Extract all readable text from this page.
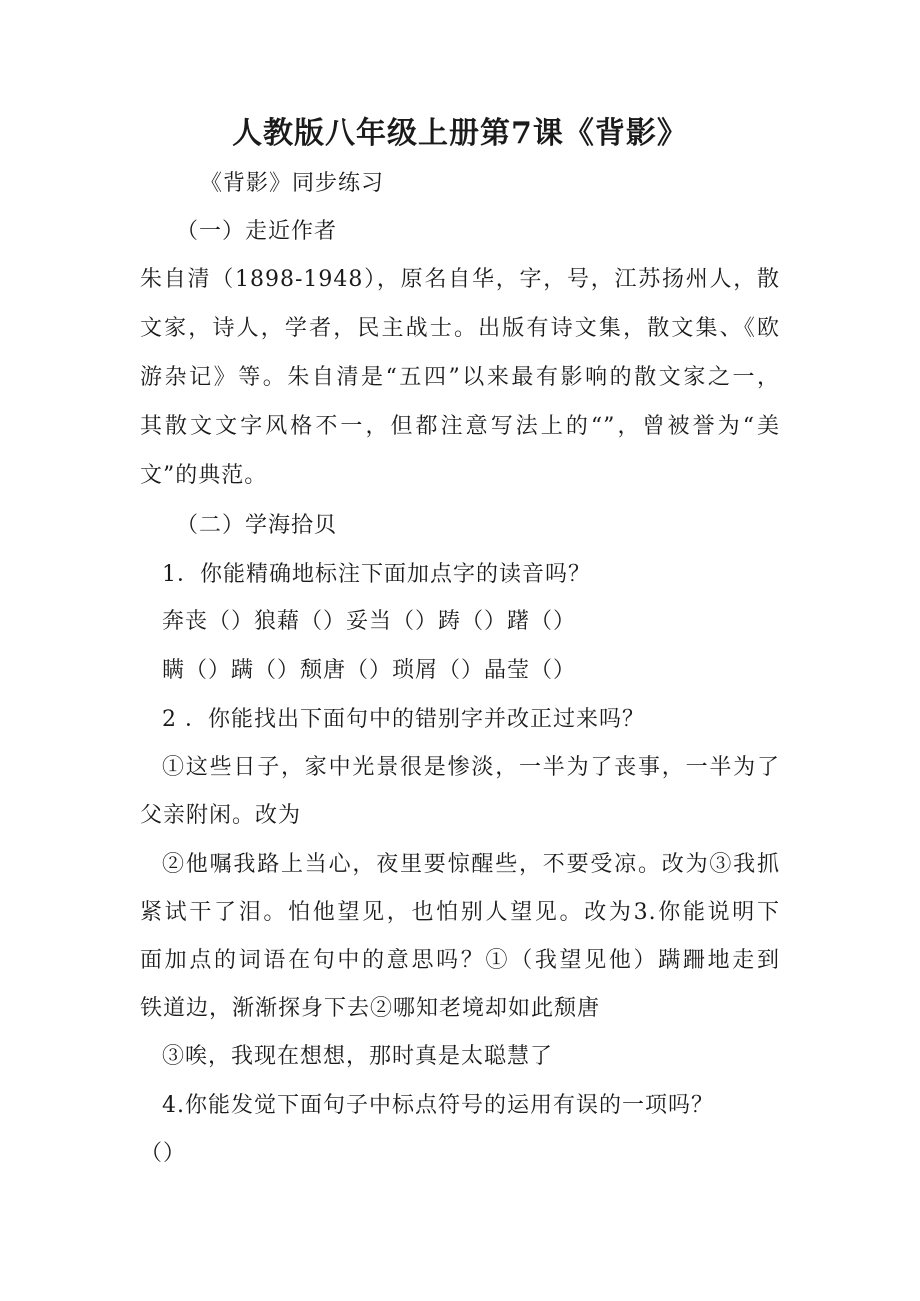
人教版八年级上册第7课《背影》
《背影》同步练习
（一）走近作者
朱自清（1898-1948），原名自华，字，号，江苏扬州人，散
文家，诗人，学者，民主战士。出版有诗文集，散文集、《欧
游杂记》等。朱自清是“五四”以来最有影响的散文家之一，
其散文文字风格不一，但都注意写法上的“”，曾被誉为“美
文”的典范。
（二）学海拾贝
1．你能精确地标注下面加点字的读音吗？
奔丧（）狼藉（）妥当（）踌（）躇（）
瞒（）蹒（）颓唐（）琐屑（）晶莹（）
2 ．你能找出下面句中的错别字并改正过来吗？
①这些日子，家中光景很是惨淡，一半为了丧事，一半为了
父亲附闲。改为
②他嘱我路上当心，夜里要惊醒些，不要受凉。改为③我抓
紧试干了泪。怕他望见，也怕别人望见。改为3.你能说明下
面加点的词语在句中的意思吗？①（我望见他）蹒跚地走到
铁道边，渐渐探身下去②哪知老境却如此颓唐
③唉，我现在想想，那时真是太聪慧了
4.你能发觉下面句子中标点符号的运用有误的一项吗？
（）
